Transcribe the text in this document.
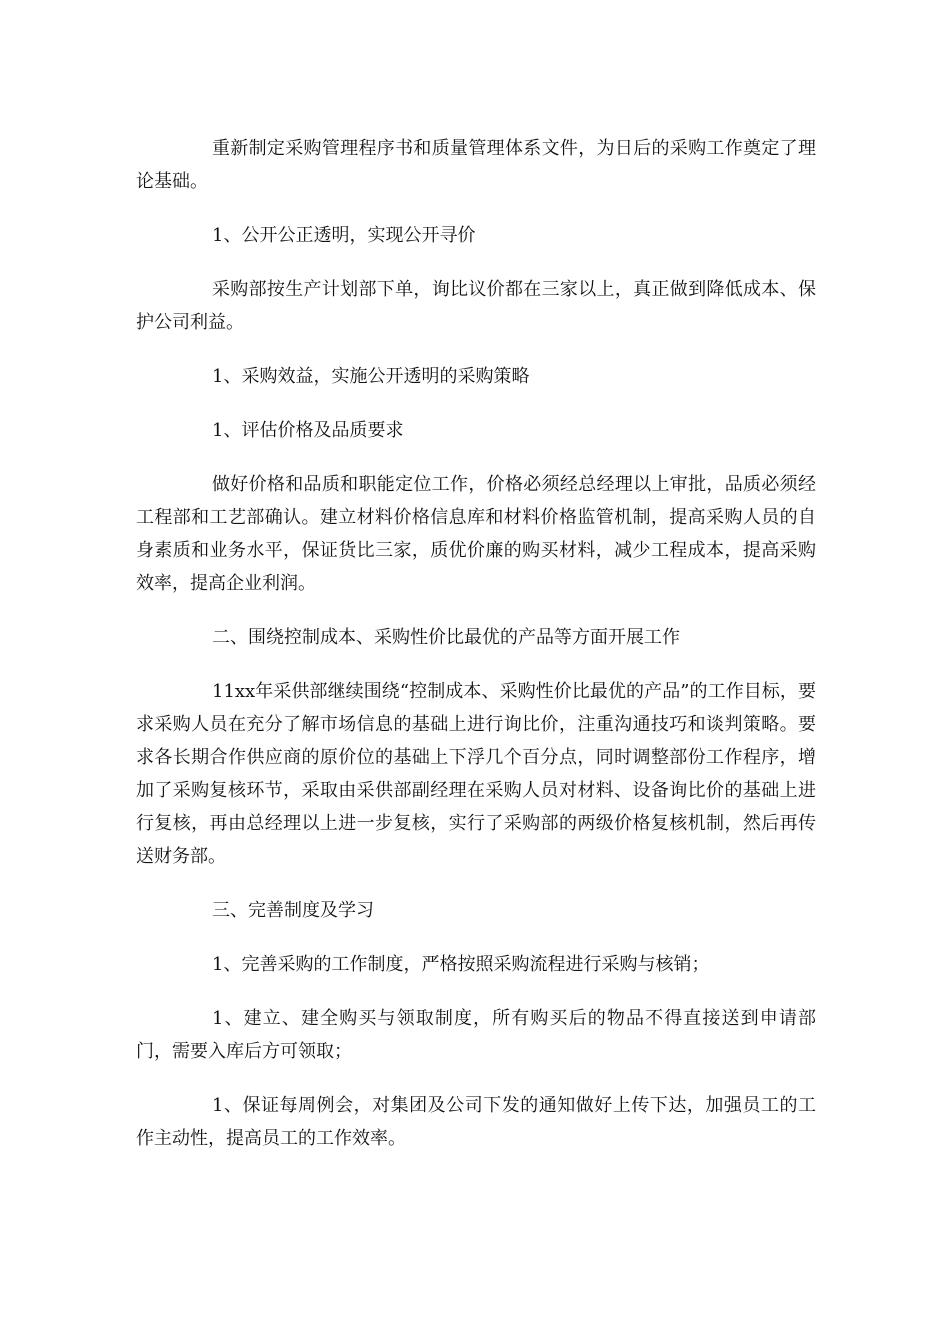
重新制定采购管理程序书和质量管理体系文件，为日后的采购工作奠定了理论基础。

1、公开公正透明，实现公开寻价

采购部按生产计划部下单，询比议价都在三家以上，真正做到降低成本、保护公司利益。

1、采购效益，实施公开透明的采购策略

1、评估价格及品质要求

做好价格和品质和职能定位工作，价格必须经总经理以上审批，品质必须经工程部和工艺部确认。建立材料价格信息库和材料价格监管机制，提高采购人员的自身素质和业务水平，保证货比三家，质优价廉的购买材料，减少工程成本，提高采购效率，提高企业利润。

二、围绕控制成本、采购性价比最优的产品等方面开展工作

11xx年采供部继续围绕“控制成本、采购性价比最优的产品”的工作目标，要求采购人员在充分了解市场信息的基础上进行询比价，注重沟通技巧和谈判策略。要求各长期合作供应商的原价位的基础上下浮几个百分点，同时调整部份工作程序，增加了采购复核环节，采取由采供部副经理在采购人员对材料、设备询比价的基础上进行复核，再由总经理以上进一步复核，实行了采购部的两级价格复核机制，然后再传送财务部。

三、完善制度及学习

1、完善采购的工作制度，严格按照采购流程进行采购与核销；

1、建立、建全购买与领取制度，所有购买后的物品不得直接送到申请部门，需要入库后方可领取；

1、保证每周例会，对集团及公司下发的通知做好上传下达，加强员工的工作主动性，提高员工的工作效率。
